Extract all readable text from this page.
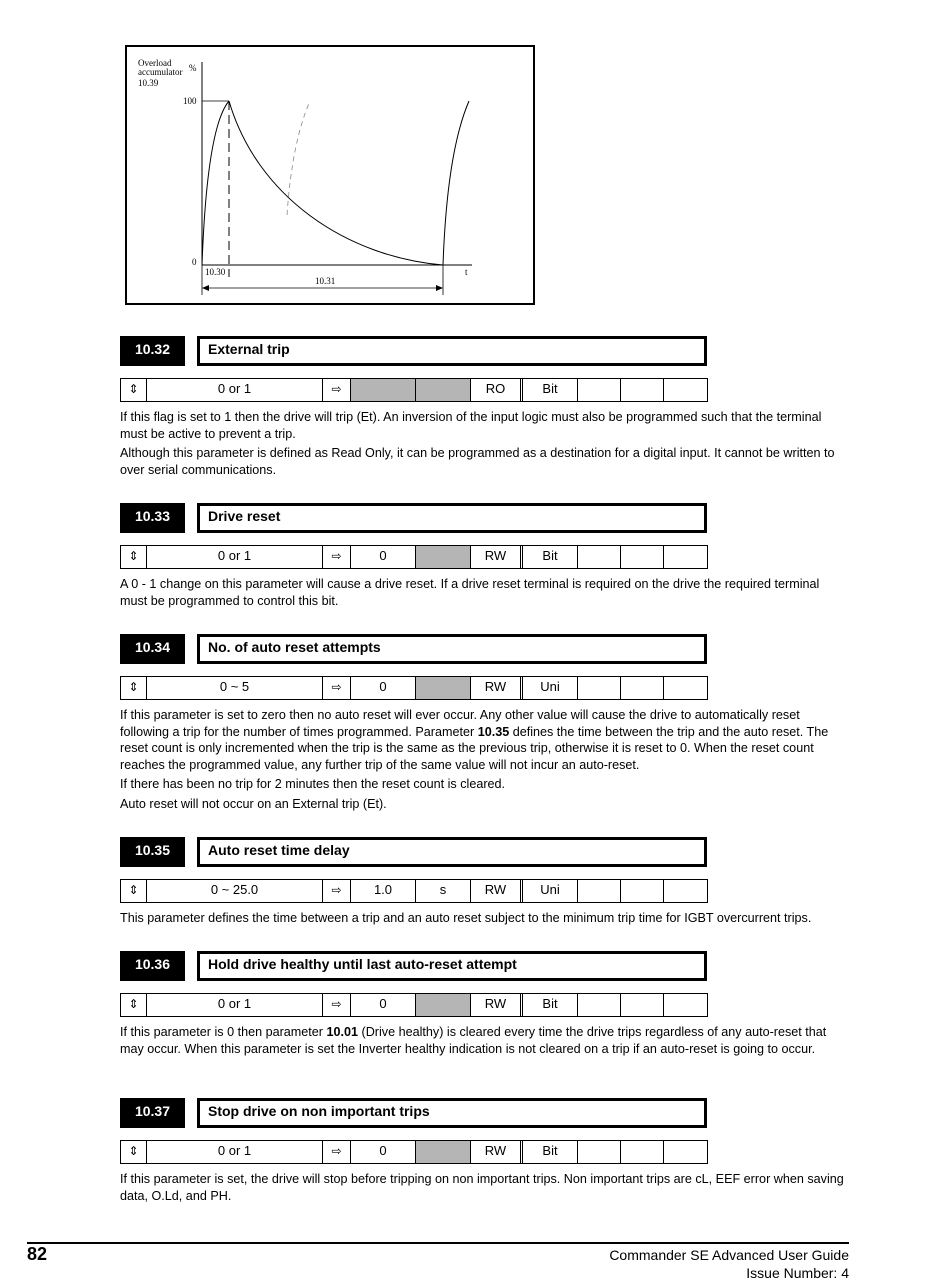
Overload
accumulator %
10.39
100
0
10.30
10.31
t
10.32	External trip
⇕	0 or 1	⇨	RO	Bit

If this flag is set to 1 then the drive will trip (Et). An inversion of the input logic must also be programmed such that the terminal must be active to prevent a trip.

Although this parameter is defined as Read Only, it can be programmed as a destination for a digital input. It cannot be written to over serial communications.

10.33	Drive reset
⇕	0 or 1	⇨	0	RW	Bit

A 0 - 1 change on this parameter will cause a drive reset. If a drive reset terminal is required on the drive the required terminal must be programmed to control this bit.

10.34	No. of auto reset attempts
⇕	0 ~ 5	⇨	0	RW	Uni

If this parameter is set to zero then no auto reset will ever occur. Any other value will cause the drive to automatically reset following a trip for the number of times programmed. Parameter 10.35 defines the time between the trip and the auto reset. The reset count is only incremented when the trip is the same as the previous trip, otherwise it is reset to 0. When the reset count reaches the programmed value, any further trip of the same value will not incur an auto-reset.

If there has been no trip for 2 minutes then the reset count is cleared.

Auto reset will not occur on an External trip (Et).

10.35	Auto reset time delay
⇕	0 ~ 25.0	⇨	1.0	s	RW	Uni

This parameter defines the time between a trip and an auto reset subject to the minimum trip time for IGBT overcurrent trips.

10.36	Hold drive healthy until last auto-reset attempt
⇕	0 or 1	⇨	0	RW	Bit

If this parameter is 0 then parameter 10.01 (Drive healthy) is cleared every time the drive trips regardless of any auto-reset that may occur. When this parameter is set the Inverter healthy indication is not cleared on a trip if an auto-reset is going to occur.

10.37	Stop drive on non important trips
⇕	0 or 1	⇨	0	RW	Bit

If this parameter is set, the drive will stop before tripping on non important trips. Non important trips are cL, EEF error when saving data, O.Ld, and PH.

82	Commander SE Advanced User Guide
Issue Number: 4
